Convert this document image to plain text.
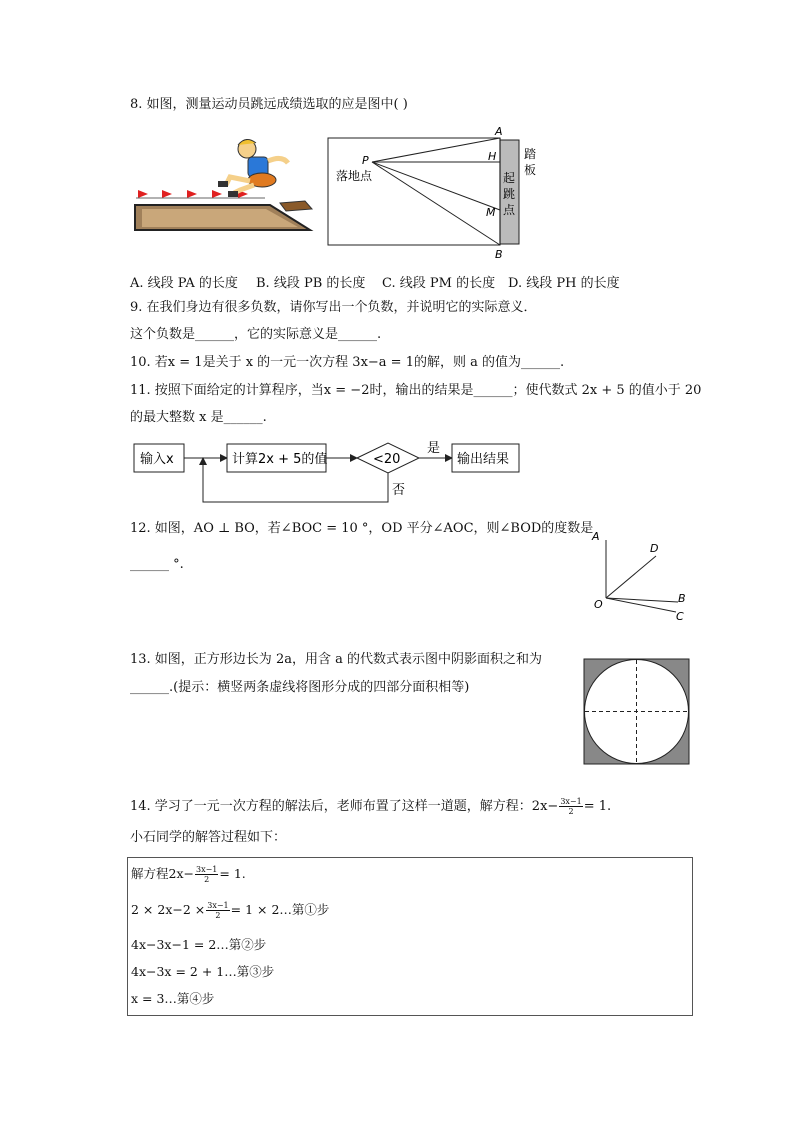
8. 如图，测量运动员跳远成绩选取的应是图中( )
A
P	H
M
B
落地点
踏
板
起
跳
点
A. 线段 PA 的长度 B. 线段 PB 的长度 C. 线段 PM 的长度 D. 线段 PH 的长度
9. 在我们身边有很多负数，请你写出一个负数，并说明它的实际意义．
这个负数是______，它的实际意义是______.
10. 若x = 1是关于 x 的一元一次方程 3x−a = 1的解，则 a 的值为______.
11. 按照下面给定的计算程序，当x = −2时，输出的结果是______；使代数式 2x + 5 的值小于 20
的最大整数 x 是______.
输入x	计算2x + 5的值	<20
是
输出结果
否
12. 如图，AO ⊥ BO，若∠BOC = 10 °，OD 平分∠AOC，则∠BOD的度数是
______ °.
A
D
B
O
C
13. 如图，正方形边长为 2a，用含 a 的代数式表示图中阴影面积之和为
______.(提示：横竖两条虚线将图形分成的四部分面积相等)
14. 学习了一元一次方程的解法后，老师布置了这样一道题，解方程：$2x- \frac{3x-1}{2} = 1$.
小石同学的解答过程如下：
解方程$2x- \frac{3x-1}{2} = 1$.
$2 \times 2x-2 \times \frac{3x-1}{2} = 1$ × 2…第①步
4x−3x−1 = 2…第②步
4x−3x = 2 + 1…第③步
x = 3…第④步
